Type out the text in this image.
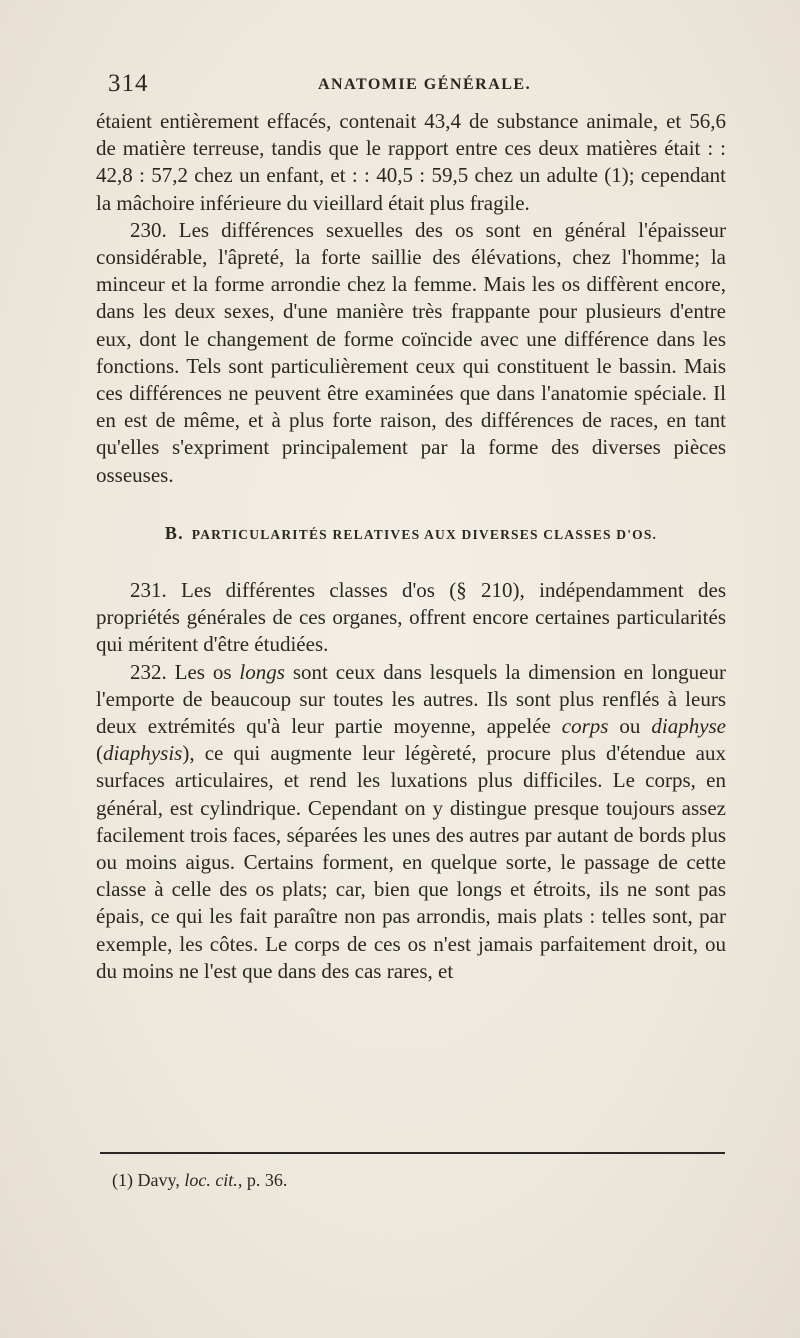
314	ANATOMIE GÉNÉRALE.

étaient entièrement effacés, contenait 43,4 de substance animale, et 56,6 de matière terreuse, tandis que le rapport entre ces deux matières était : : 42,8 : 57,2 chez un enfant, et : : 40,5 : 59,5 chez un adulte (1); cependant la mâchoire inférieure du vieillard était plus fragile.

230. Les différences sexuelles des os sont en général l'épaisseur considérable, l'âpreté, la forte saillie des élévations, chez l'homme; la minceur et la forme arrondie chez la femme. Mais les os diffèrent encore, dans les deux sexes, d'une manière très frappante pour plusieurs d'entre eux, dont le changement de forme coïncide avec une différence dans les fonctions. Tels sont particulièrement ceux qui constituent le bassin. Mais ces différences ne peuvent être examinées que dans l'anatomie spéciale. Il en est de même, et à plus forte raison, des différences de races, en tant qu'elles s'expriment principalement par la forme des diverses pièces osseuses.

B. PARTICULARITÉS RELATIVES AUX DIVERSES CLASSES D'OS.

231. Les différentes classes d'os (§ 210), indépendamment des propriétés générales de ces organes, offrent encore certaines particularités qui méritent d'être étudiées.

232. Les os longs sont ceux dans lesquels la dimension en longueur l'emporte de beaucoup sur toutes les autres. Ils sont plus renflés à leurs deux extrémités qu'à leur partie moyenne, appelée corps ou diaphyse (diaphysis), ce qui augmente leur légèreté, procure plus d'étendue aux surfaces articulaires, et rend les luxations plus difficiles. Le corps, en général, est cylindrique. Cependant on y distingue presque toujours assez facilement trois faces, séparées les unes des autres par autant de bords plus ou moins aigus. Certains forment, en quelque sorte, le passage de cette classe à celle des os plats; car, bien que longs et étroits, ils ne sont pas épais, ce qui les fait paraître non pas arrondis, mais plats : telles sont, par exemple, les côtes. Le corps de ces os n'est jamais parfaitement droit, ou du moins ne l'est que dans des cas rares, et

(1) Davy, loc. cit., p. 36.
